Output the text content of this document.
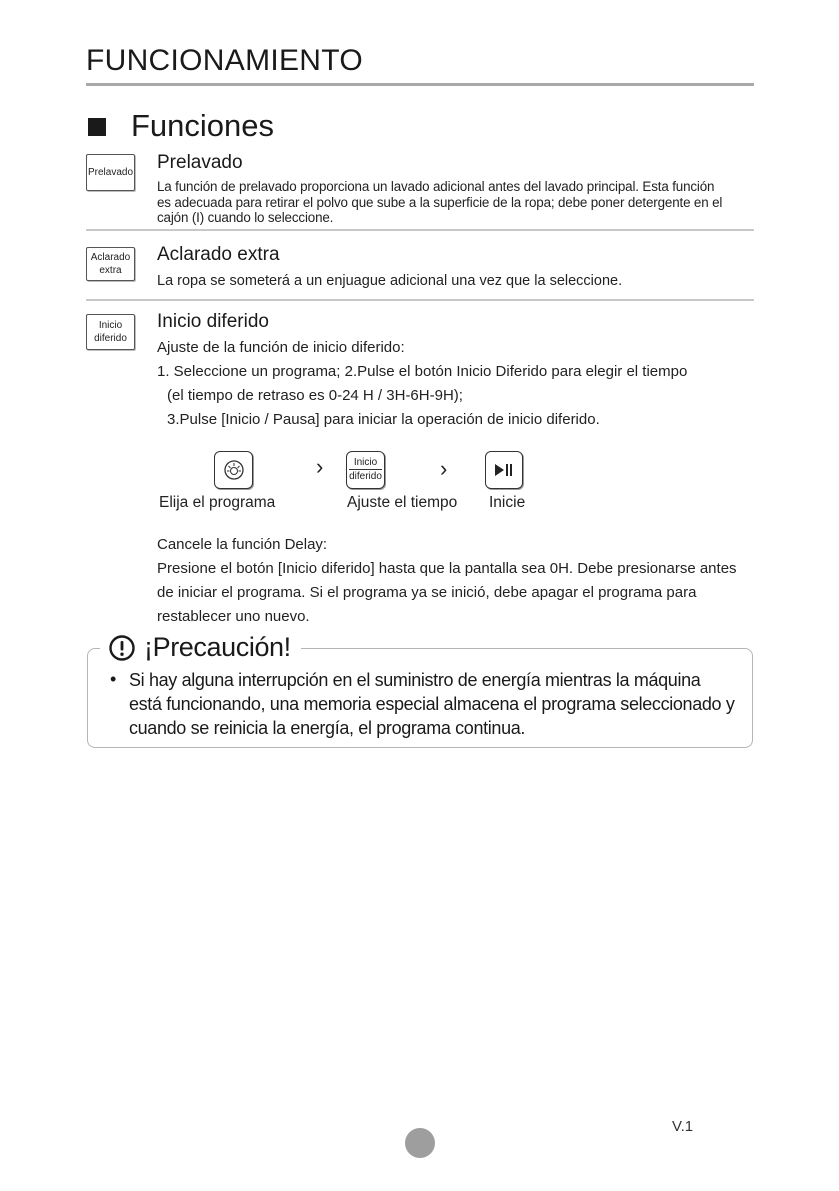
FUNCIONAMIENTO
Funciones
Prelavado Prelavado
La función de prelavado proporciona un lavado adicional antes del lavado principal. Esta función
es adecuada para retirar el polvo que sube a la superficie de la ropa; debe poner detergente en el
cajón (I) cuando lo seleccione.
Aclarado
extra
Aclarado extra
La ropa se someterá a un enjuague adicional una vez que la seleccione.
Inicio
diferido
Inicio diferido
Ajuste de la función de inicio diferido:
1. Seleccione un programa; 2.Pulse el botón Inicio Diferido para elegir el tiempo
(el tiempo de retraso es 0-24 H / 3H-6H-9H);
3.Pulse [Inicio / Pausa] para iniciar la operación de inicio diferido.
›	Inicio
diferido	›
Elija el programa	Ajuste el tiempo Inicie
Cancele la función Delay:
Presione el botón [Inicio diferido] hasta que la pantalla sea 0H. Debe presionarse antes
de iniciar el programa. Si el programa ya se inició, debe apagar el programa para
restablecer uno nuevo.
¡Precaución!
• Si hay alguna interrupción en el suministro de energía mientras la máquina
está funcionando, una memoria especial almacena el programa seleccionado y
cuando se reinicia la energía, el programa continua.
V.1
